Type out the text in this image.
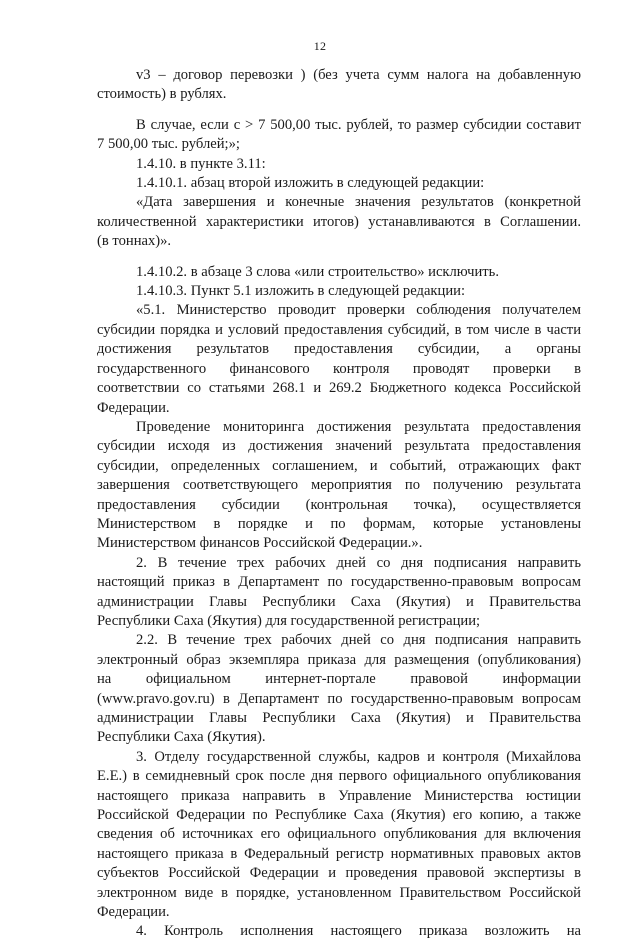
12

v3 – договор перевозки ) (без учета сумм налога на добавленную
стоимость) в рублях.

В случае, если с > 7 500,00 тыс. рублей, то размер субсидии составит
7 500,00 тыс. рублей;»;

1.4.10. в пункте 3.11:

1.4.10.1. абзац второй изложить в следующей редакции:

«Дата завершения и конечные значения результатов (конкретной
количественной характеристики итогов) устанавливаются в Соглашении.
(в тоннах)».

1.4.10.2. в абзаце 3 слова «или строительство» исключить.

1.4.10.3. Пункт 5.1 изложить в следующей редакции:

«5.1. Министерство проводит проверки соблюдения получателем
субсидии порядка и условий предоставления субсидий, в том числе в части
достижения результатов предоставления субсидии, а органы
государственного финансового контроля проводят проверки в
соответствии со статьями 268.1 и 269.2 Бюджетного кодекса Российской
Федерации.

Проведение мониторинга достижения результата предоставления
субсидии исходя из достижения значений результата предоставления
субсидии, определенных соглашением, и событий, отражающих факт
завершения соответствующего мероприятия по получению результата
предоставления субсидии (контрольная точка), осуществляется
Министерством в порядке и по формам, которые установлены
Министерством финансов Российской Федерации.».

2. В течение трех рабочих дней со дня подписания направить
настоящий приказ в Департамент по государственно-правовым вопросам
администрации Главы Республики Саха (Якутия) и Правительства
Республики Саха (Якутия) для государственной регистрации;

2.2. В течение трех рабочих дней со дня подписания направить
электронный образ экземпляра приказа для размещения (опубликования)
на официальном интернет-портале правовой информации
(www.pravo.gov.ru) в Департамент по государственно-правовым вопросам
администрации Главы Республики Саха (Якутия) и Правительства
Республики Саха (Якутия).

3. Отделу государственной службы, кадров и контроля (Михайлова
Е.Е.) в семидневный срок после дня первого официального опубликования
настоящего приказа направить в Управление Министерства юстиции
Российской Федерации по Республике Саха (Якутия) его копию, а также
сведения об источниках его официального опубликования для включения
настоящего приказа в Федеральный регистр нормативных правовых актов
субъектов Российской Федерации и проведения правовой экспертизы в
электронном виде в порядке, установленном Правительством Российской
Федерации.

4. Контроль исполнения настоящего приказа возложить на
